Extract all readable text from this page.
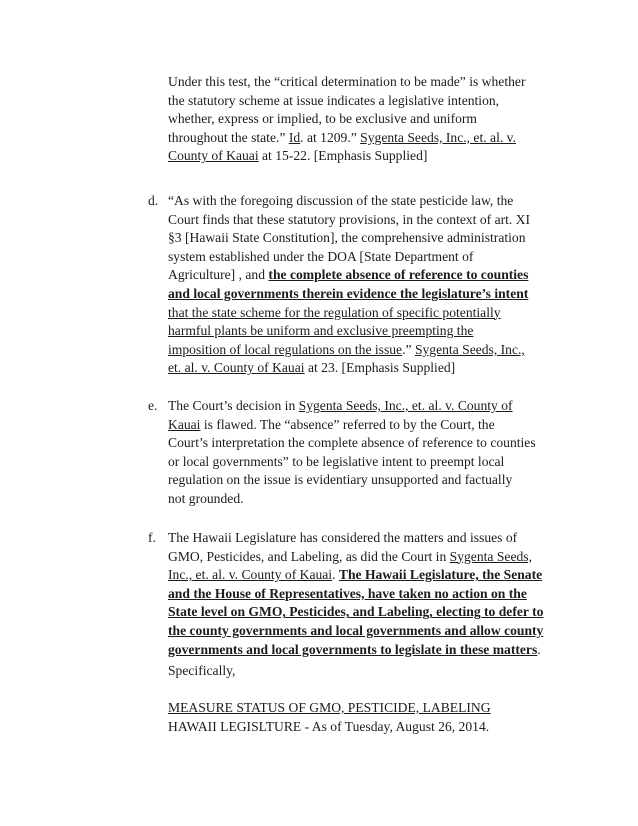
Under this test, the “critical determination to be made” is whether
the statutory scheme at issue indicates a legislative intention,
whether, express or implied, to be exclusive and uniform
throughout the state.” Id. at 1209.” Sygenta Seeds, Inc., et. al. v.
County of Kauai at 15-22. [Emphasis Supplied]
d. “As with the foregoing discussion of the state pesticide law, the
Court finds that these statutory provisions, in the context of art. XI
§3 [Hawaii State Constitution], the comprehensive administration
system established under the DOA [State Department of
Agriculture] , and the complete absence of reference to counties
and local governments therein evidence the legislature’s intent
that the state scheme for the regulation of specific potentially
harmful plants be uniform and exclusive preempting the
imposition of local regulations on the issue.” Sygenta Seeds, Inc.,
et. al. v. County of Kauai at 23. [Emphasis Supplied]
e. The Court’s decision in Sygenta Seeds, Inc., et. al. v. County of
Kauai is flawed. The “absence” referred to by the Court, the
Court’s interpretation the complete absence of reference to counties
or local governments” to be legislative intent to preempt local
regulation on the issue is evidentiary unsupported and factually
not grounded.
f. The Hawaii Legislature has considered the matters and issues of
GMO, Pesticides, and Labeling, as did the Court in Sygenta Seeds,
Inc., et. al. v. County of Kauai. The Hawaii Legislature, the Senate
and the House of Representatives, have taken no action on the
State level on GMO, Pesticides, and Labeling, electing to defer to
the county governments and local governments and allow county
governments and local governments to legislate in these matters.
Specifically,
MEASURE STATUS OF GMO, PESTICIDE, LABELING
HAWAII LEGISLTURE - As of Tuesday, August 26, 2014.
